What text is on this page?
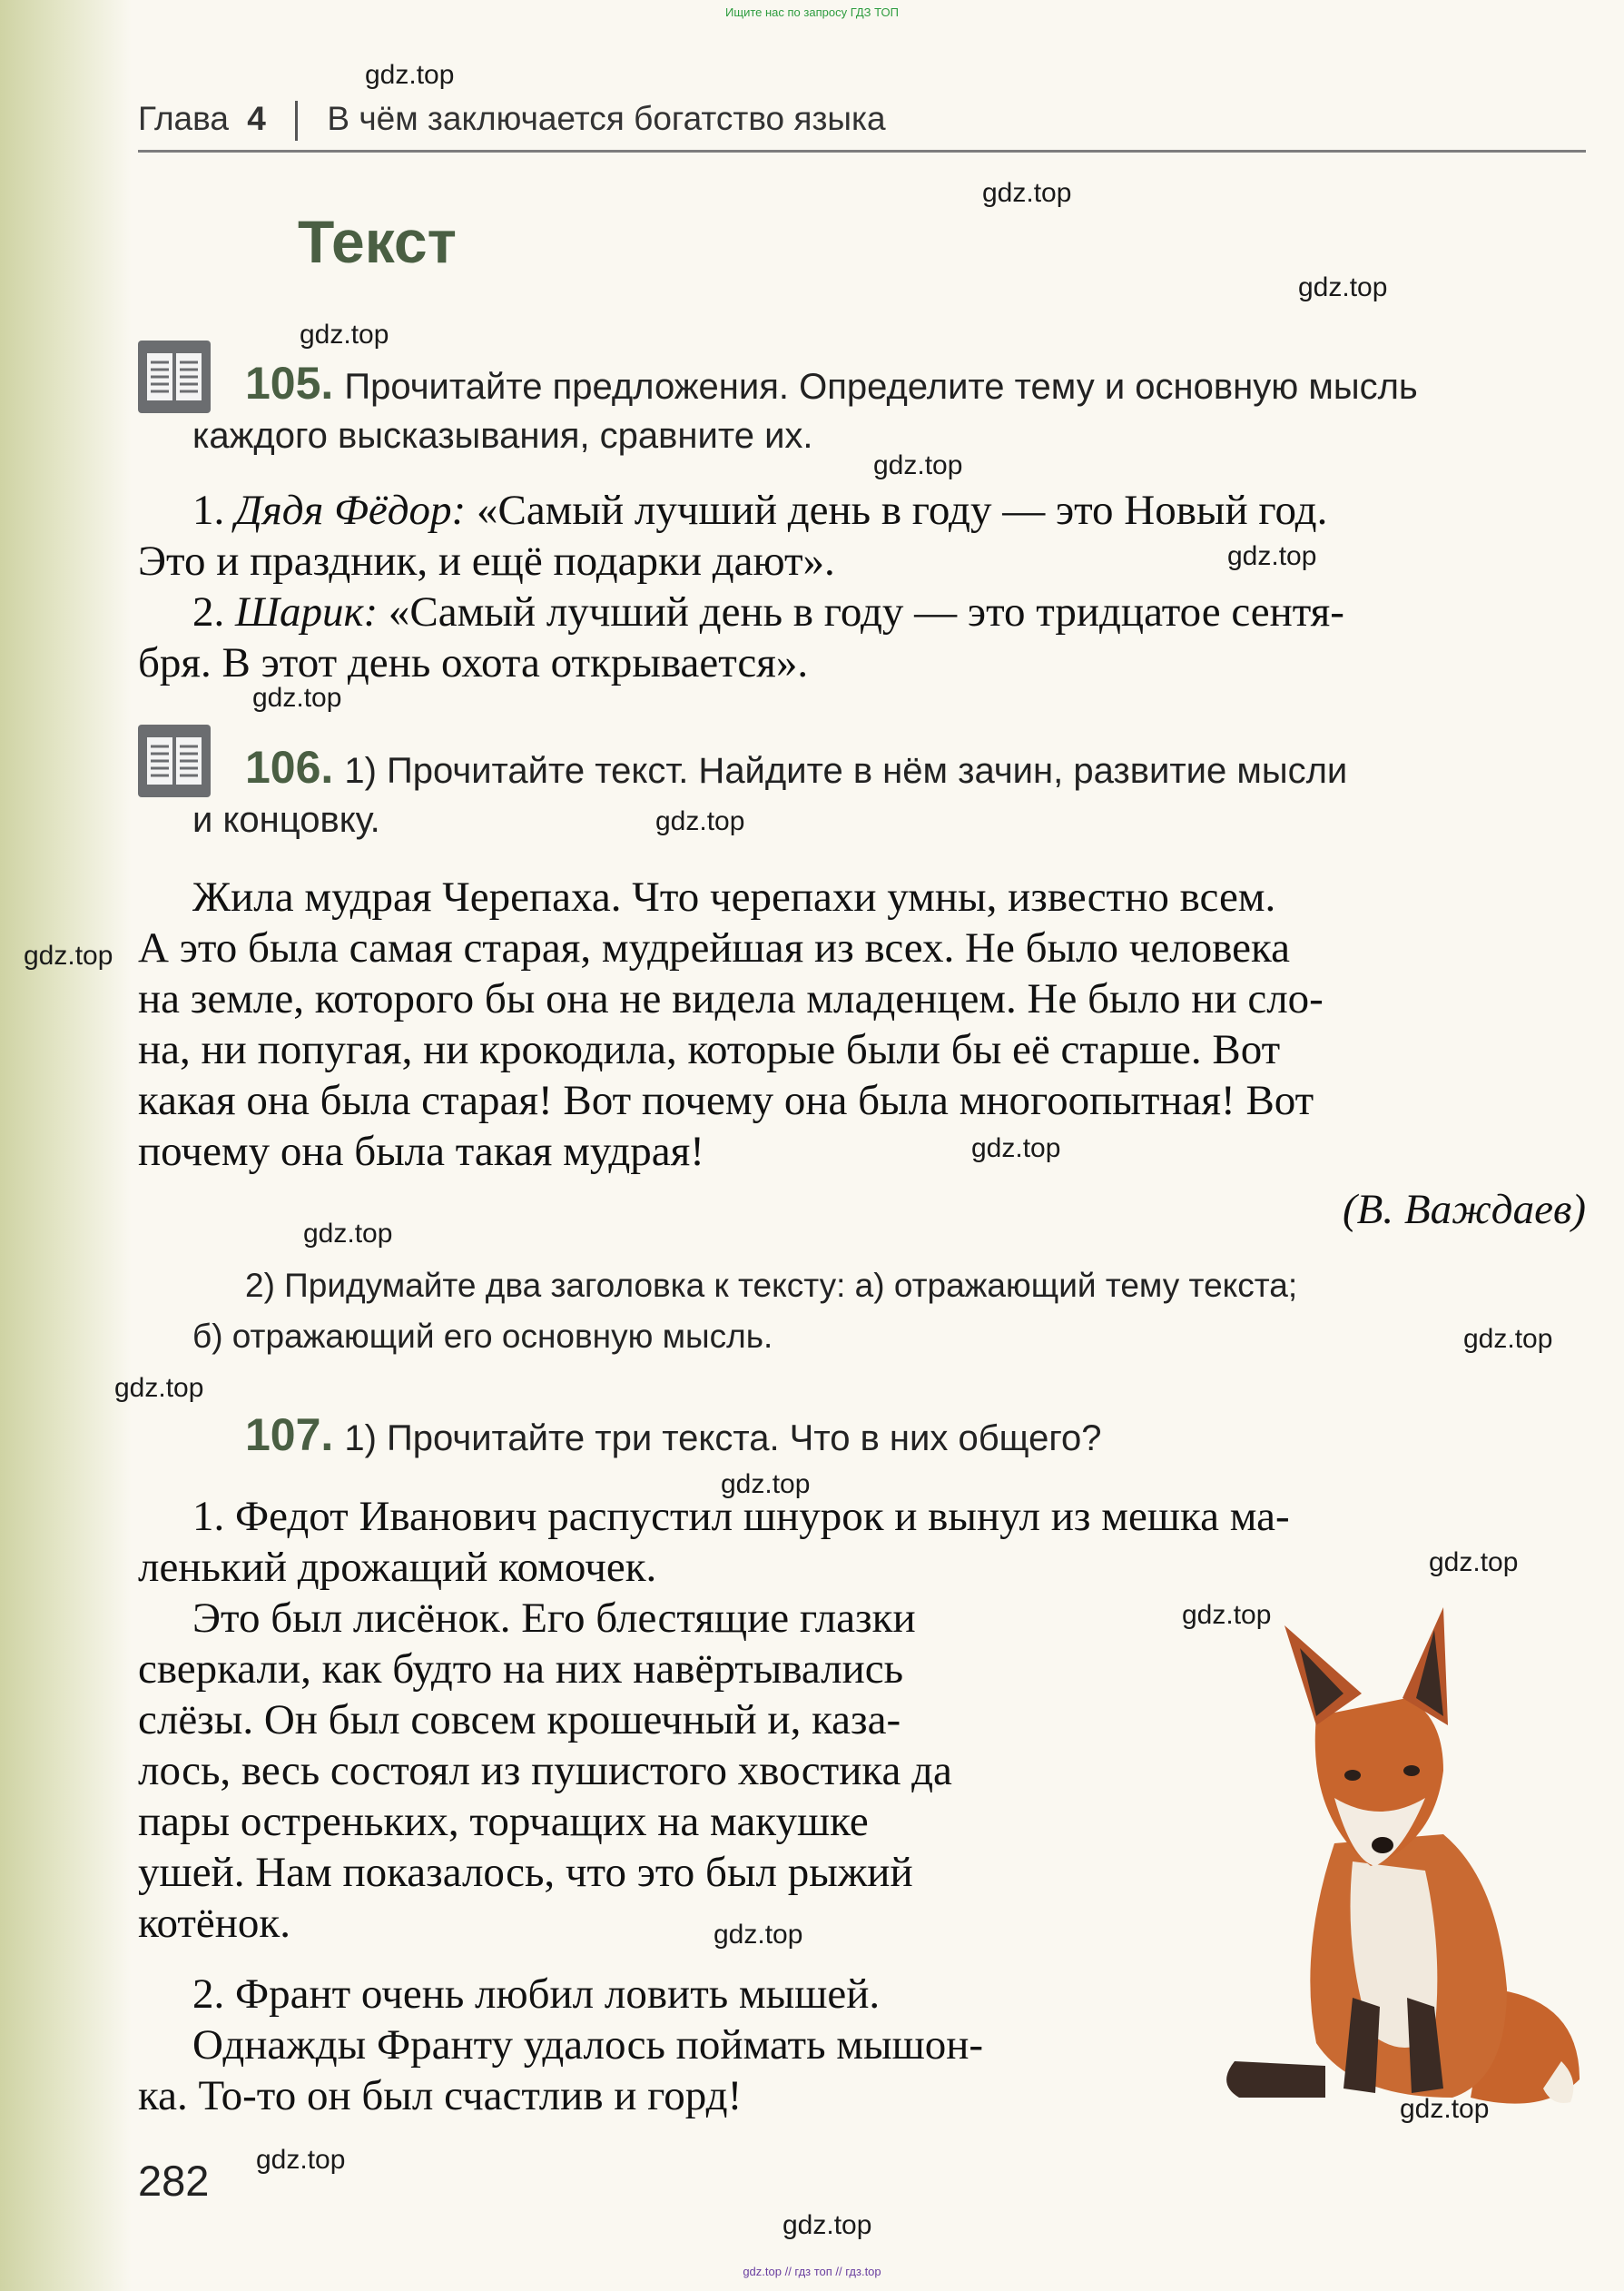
Ищите нас по запросу ГДЗ ТОП
Глава 4 В чём заключается богатство языка
Текст
105. Прочитайте предложения. Определите тему и основную мысль
каждого высказывания, сравните их.
1. Дядя Фёдор: «Самый лучший день в году — это Новый год.
Это и праздник, и ещё подарки дают».
2. Шарик: «Самый лучший день в году — это тридцатое сентя-
бря. В этот день охота открывается».
106. 1) Прочитайте текст. Найдите в нём зачин, развитие мысли
и концовку.
Жила мудрая Черепаха. Что черепахи умны, известно всем.
А это была самая старая, мудрейшая из всех. Не было человека
на земле, которого бы она не видела младенцем. Не было ни сло-
на, ни попугая, ни крокодила, которые были бы её старше. Вот
какая она была старая! Вот почему она была многоопытная! Вот
почему она была такая мудрая!
(В. Важдаев)
2) Придумайте два заголовка к тексту: а) отражающий тему текста;
б) отражающий его основную мысль.
107. 1) Прочитайте три текста. Что в них общего?
1. Федот Иванович распустил шнурок и вынул из мешка ма-
ленький дрожащий комочек.
Это был лисёнок. Его блестящие глазки
сверкали, как будто на них навёртывались
слёзы. Он был совсем крошечный и, каза-
лось, весь состоял из пушистого хвостика да
пары остреньких, торчащих на макушке
ушей. Нам показалось, что это был рыжий
котёнок.
2. Франт очень любил ловить мышей.
Однажды Франту удалось поймать мышон-
ка. То-то он был счастлив и горд!
282
gdz.top // гдз топ // гдз.top
gdz.top
gdz.top
gdz.top
gdz.top
gdz.top
gdz.top
gdz.top
gdz.top
gdz.top
gdz.top
gdz.top
gdz.top
gdz.top
gdz.top
gdz.top
gdz.top
gdz.top
gdz.top
gdz.top
gdz.top
